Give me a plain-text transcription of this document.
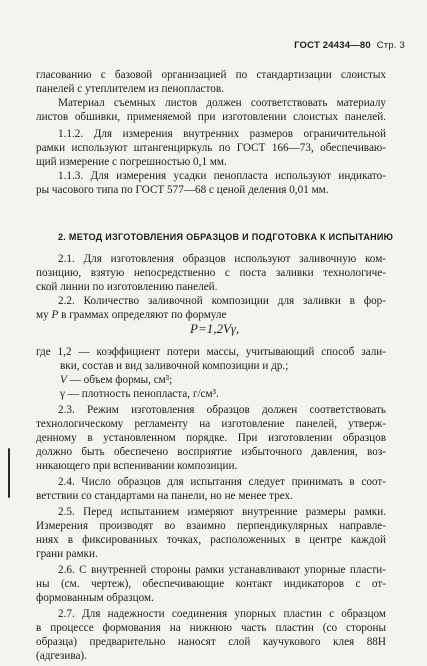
ГОСТ 24434—80 Стр. 3
гласованию с базовой организацией по стандартизации слоистых
панелей с утеплителем из пенопластов.
Материал съемных листов должен соответствовать материалу
листов обшивки, применяемой при изготовлении слоистых панелей.
1.1.2. Для измерения внутренних размеров ограничительной
рамки используют штангенциркуль по ГОСТ 166—73, обеспечиваю-
щий измерение с погрешностью 0,1 мм.
1.1.3. Для измерения усадки пенопласта используют индикато-
ры часового типа по ГОСТ 577—68 с ценой деления 0,01 мм.
2. МЕТОД ИЗГОТОВЛЕНИЯ ОБРАЗЦОВ И ПОДГОТОВКА К ИСПЫТАНИЮ
2.1. Для изготовления образцов используют заливочную ком-
позицию, взятую непосредственно с поста заливки технологиче-
ской линии по изготовлению панелей.
2.2. Количество заливочной композиции для заливки в фор-
му P в граммах определяют по формуле
P=1,2Vγ,
где 1,2 — коэффициент потери массы, учитывающий способ зали-
вки, состав и вид заливочной композиции и др.;
V — объем формы, см³;
γ — плотность пенопласта, г/см³.
2.3. Режим изготовления образцов должен соответствовать
технологическому регламенту на изготовление панелей, утверж-
денному в установленном порядке. При изготовлении образцов
должно быть обеспечено восприятие избыточного давления, воз-
никающего при вспенивании композиции.
2.4. Число образцов для испытания следует принимать в соот-
ветствии со стандартами на панели, но не менее трех.
2.5. Перед испытанием измеряют внутренние размеры рамки.
Измерения производят во взаимно перпендикулярных направле-
ниях в фиксированных точках, расположенных в центре каждой
грани рамки.
2.6. С внутренней стороны рамки устанавливают упорные пласти-
ны (см. чертеж), обеспечивающие контакт индикаторов с от-
формованным образцом.
2.7. Для надежности соединения упорных пластин с образцом
в процессе формования на нижнюю часть пластин (со стороны
образца) предварительно наносят слой каучукового клея 88Н
(адгезива).
